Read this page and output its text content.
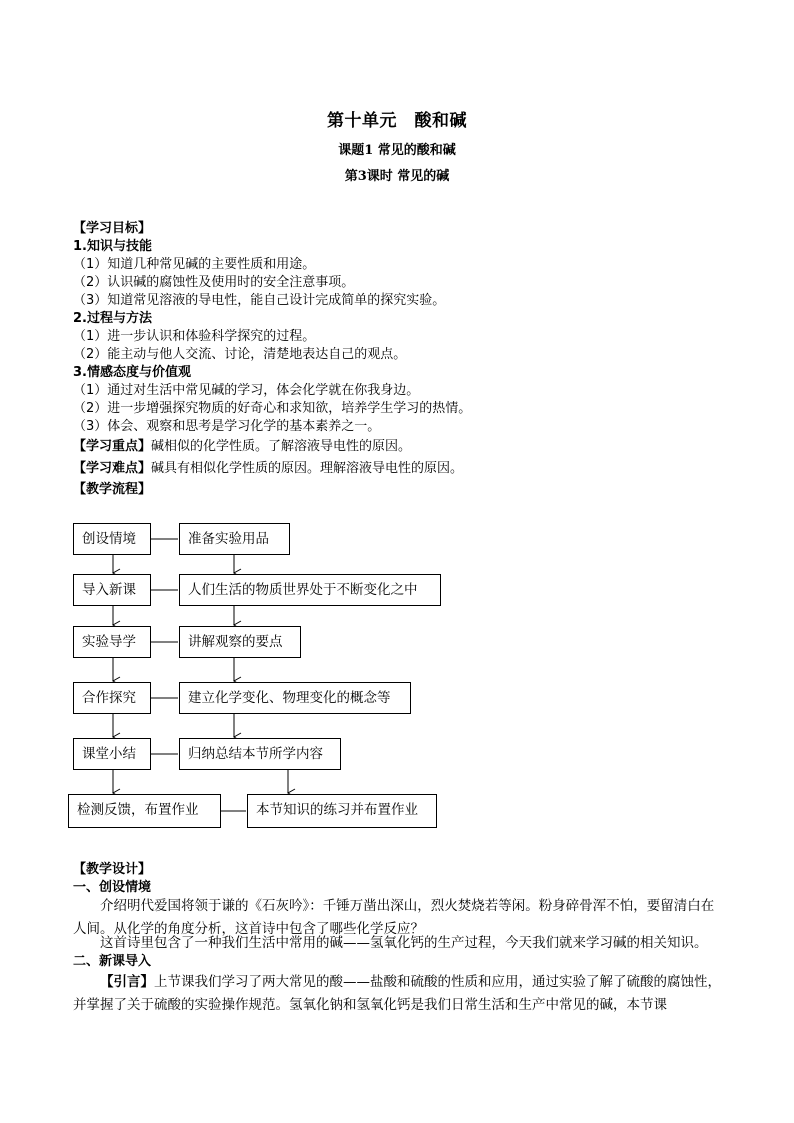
第十单元　酸和碱
课题1 常见的酸和碱
第3课时 常见的碱
【学习目标】
1.知识与技能
（1）知道几种常见碱的主要性质和用途。
（2）认识碱的腐蚀性及使用时的安全注意事项。
（3）知道常见溶液的导电性，能自己设计完成简单的探究实验。
2.过程与方法
（1）进一步认识和体验科学探究的过程。
（2）能主动与他人交流、讨论，清楚地表达自己的观点。
3.情感态度与价值观
（1）通过对生活中常见碱的学习，体会化学就在你我身边。
（2）进一步增强探究物质的好奇心和求知欲，培养学生学习的热情。
（3）体会、观察和思考是学习化学的基本素养之一。
【学习重点】碱相似的化学性质。了解溶液导电性的原因。
【学习难点】碱具有相似化学性质的原因。理解溶液导电性的原因。
【教学流程】
创设情境
导入新课
实验导学
合作探究
课堂小结
检测反馈，布置作业
准备实验用品
人们生活的物质世界处于不断变化之中
讲解观察的要点
建立化学变化、物理变化的概念等
归纳总结本节所学内容
本节知识的练习并布置作业
【教学设计】
一、创设情境
介绍明代爱国将领于谦的《石灰吟》：千锤万凿出深山，烈火焚烧若等闲。粉身碎骨浑不怕，要留清白在人间。从化学的角度分析，这首诗中包含了哪些化学反应？
这首诗里包含了一种我们生活中常用的碱——氢氧化钙的生产过程，今天我们就来学习碱的相关知识。
二、新课导入
【引言】上节课我们学习了两大常见的酸——盐酸和硫酸的性质和应用，通过实验了解了硫酸的腐蚀性，并掌握了关于硫酸的实验操作规范。氢氧化钠和氢氧化钙是我们日常生活和生产中常见的碱，本节课
